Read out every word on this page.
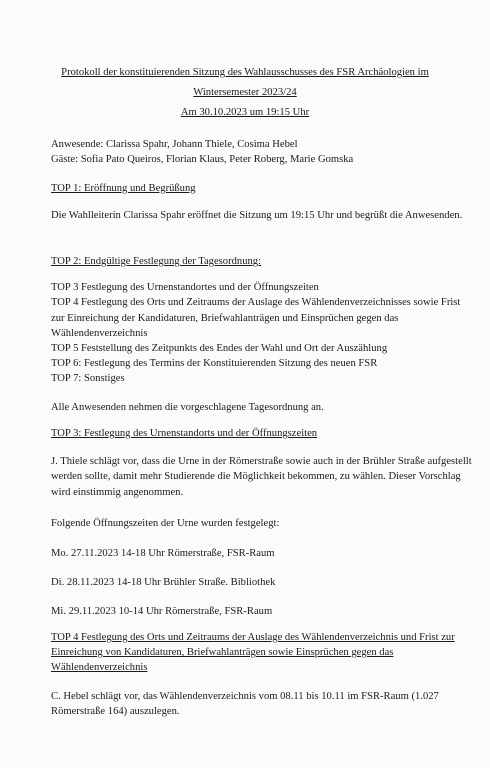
Protokoll der konstituierenden Sitzung des Wahlausschusses des FSR Archäologien im
Wintersemester 2023/24
Am 30.10.2023 um 19:15 Uhr

Anwesende: Clarissa Spahr, Johann Thiele, Cosima Hebel

Gäste: Sofia Pato Queiros, Florian Klaus, Peter Roberg, Marie Gomska

TOP 1: Eröffnung und Begrüßung

Die Wahlleiterin Clarissa Spahr eröffnet die Sitzung um 19:15 Uhr und begrüßt die Anwesenden.

TOP 2: Endgültige Festlegung der Tagesordnung:

TOP 3 Festlegung des Urnenstandortes und der Öffnungszeiten

TOP 4 Festlegung des Orts und Zeitraums der Auslage des Wählendenverzeichnisses sowie Frist zur Einreichung der Kandidaturen, Briefwahlanträgen und Einsprüchen gegen das Wählendenverzeichnis

TOP 5 Feststellung des Zeitpunkts des Endes der Wahl und Ort der Auszählung

TOP 6: Festlegung des Termins der Konstituierenden Sitzung des neuen FSR

TOP 7: Sonstiges

Alle Anwesenden nehmen die vorgeschlagene Tagesordnung an.

TOP 3: Festlegung des Urnenstandorts und der Öffnungszeiten

J. Thiele schlägt vor, dass die Urne in der Römerstraße sowie auch in der Brühler Straße aufgestellt werden sollte, damit mehr Studierende die Möglichkeit bekommen, zu wählen. Dieser Vorschlag wird einstimmig angenommen.

Folgende Öffnungszeiten der Urne wurden festgelegt:

Mo. 27.11.2023 14-18 Uhr Römerstraße, FSR-Raum

Di. 28.11.2023 14-18 Uhr Brühler Straße. Bibliothek

Mi. 29.11.2023 10-14 Uhr Römerstraße, FSR-Raum

TOP 4 Festlegung des Orts und Zeitraums der Auslage des Wählendenverzeichnis und Frist zur Einreichung von Kandidaturen, Briefwahlanträgen sowie Einsprüchen gegen das Wählendenverzeichnis

C. Hebel schlägt vor, das Wählendenverzeichnis vom 08.11 bis 10.11 im FSR-Raum (1.027 Römerstraße 164) auszulegen.
